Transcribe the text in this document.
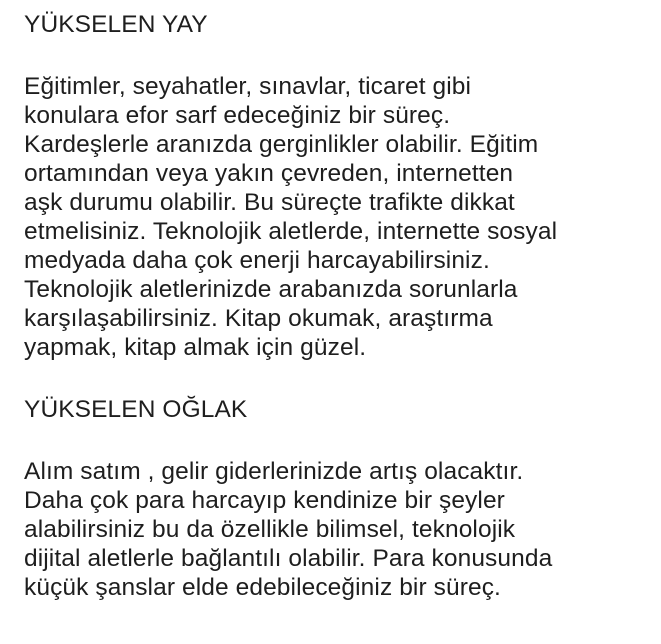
YÜKSELEN YAY
Eğitimler, seyahatler, sınavlar, ticaret gibi
konulara efor sarf edeceğiniz bir süreç.
Kardeşlerle aranızda gerginlikler olabilir. Eğitim
ortamından veya yakın çevreden, internetten
aşk durumu olabilir. Bu süreçte trafikte dikkat
etmelisiniz. Teknolojik aletlerde, internette sosyal
medyada daha çok enerji harcayabilirsiniz.
Teknolojik aletlerinizde arabanızda sorunlarla
karşılaşabilirsiniz. Kitap okumak, araştırma
yapmak, kitap almak için güzel.
YÜKSELEN OĞLAK
Alım satım , gelir giderlerinizde artış olacaktır.
Daha çok para harcayıp kendinize bir şeyler
alabilirsiniz bu da özellikle bilimsel, teknolojik
dijital aletlerle bağlantılı olabilir. Para konusunda
küçük şanslar elde edebileceğiniz bir süreç.
